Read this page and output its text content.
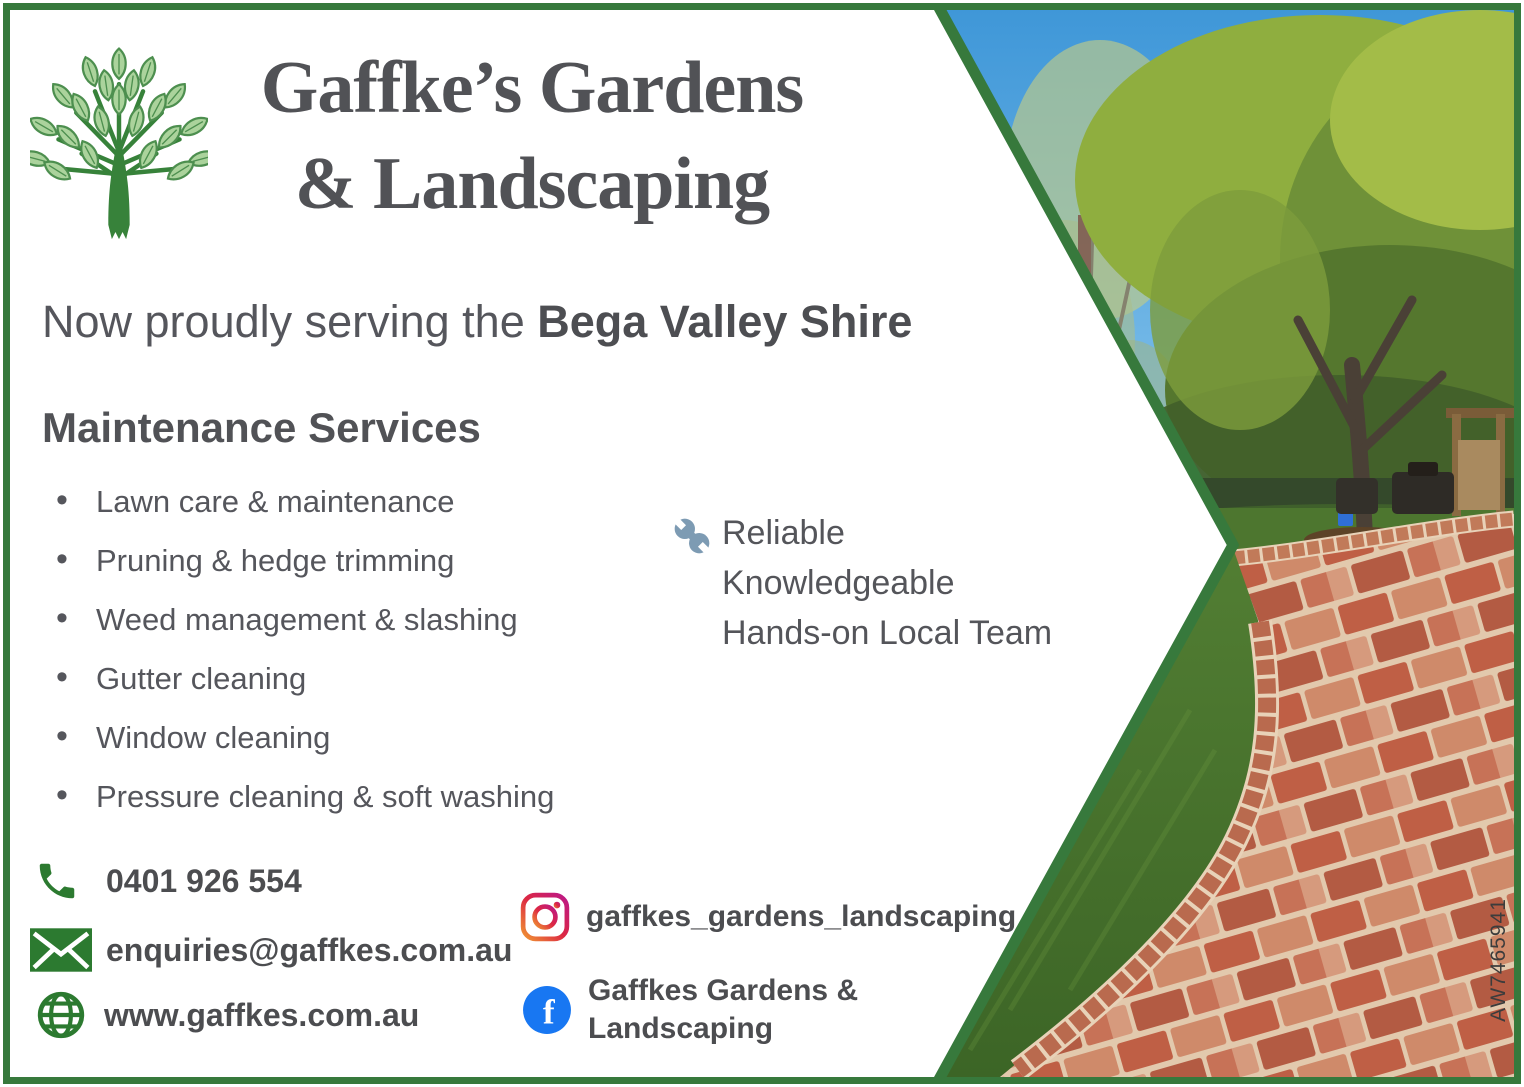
Gaffke’s Gardens
& Landscaping
Now proudly serving the Bega Valley Shire
Maintenance Services
• Lawn care & maintenance
• Pruning & hedge trimming
• Weed management & slashing
• Gutter cleaning
• Window cleaning
• Pressure cleaning & soft washing
Reliable
Knowledgeable
Hands-on Local Team
0401 926 554
enquiries@gaffkes.com.au
www.gaffkes.com.au
gaffkes_gardens_landscaping
f
Gaffkes Gardens &
Landscaping
AW7465941
